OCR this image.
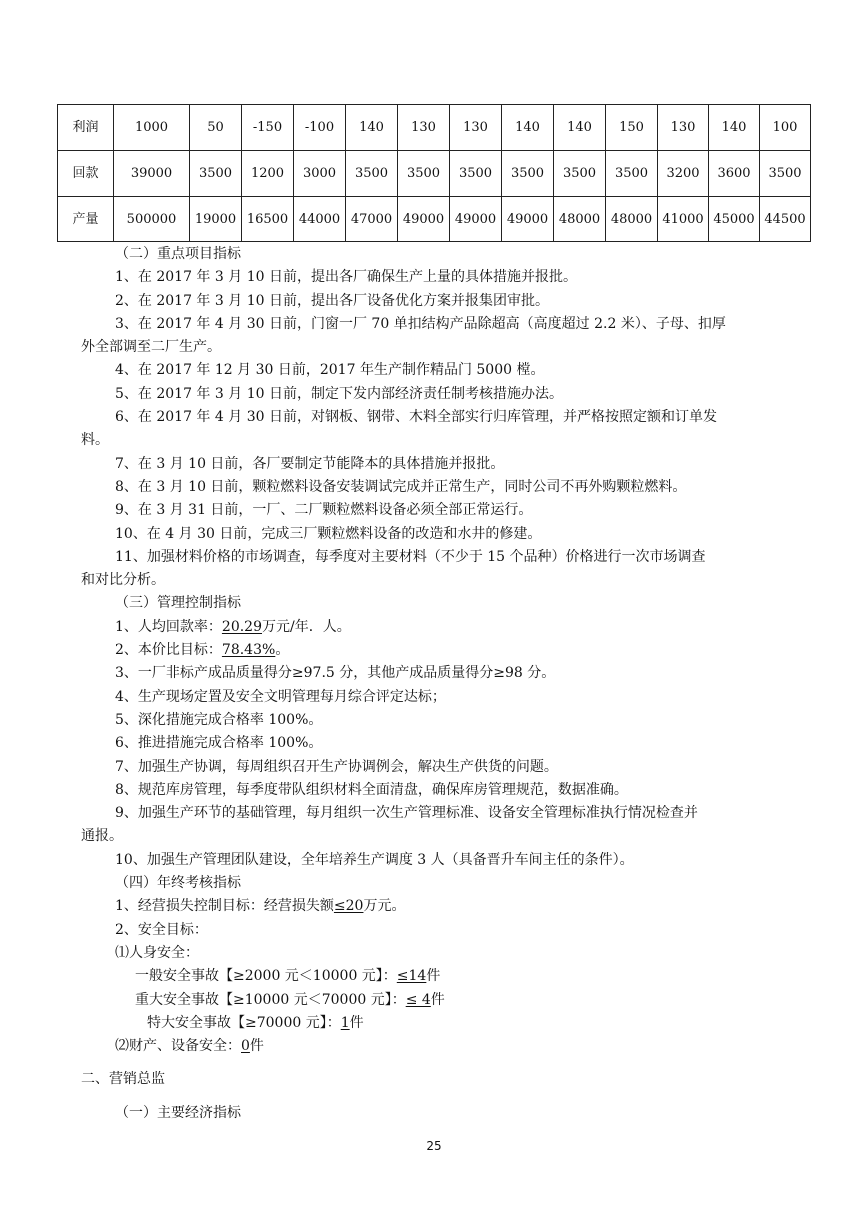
利润	1000	50	-150	-100	140	130	130	140	140	150	130	140	100
回款	39000	3500	1200	3000	3500	3500	3500	3500	3500	3500	3200	3600	3500
产量	500000	19000	16500	44000	47000	49000	49000	49000	48000	48000	41000	45000	44500
（二）重点项目指标
1、在 2017 年 3 月 10 日前，提出各厂确保生产上量的具体措施并报批。
2、在 2017 年 3 月 10 日前，提出各厂设备优化方案并报集团审批。
3、在 2017 年 4 月 30 日前，门窗一厂 70 单扣结构产品除超高（高度超过 2.2 米）、子母、扣厚
外全部调至二厂生产。
4、在 2017 年 12 月 30 日前，2017 年生产制作精品门 5000 樘。
5、在 2017 年 3 月 10 日前，制定下发内部经济责任制考核措施办法。
6、在 2017 年 4 月 30 日前，对钢板、钢带、木料全部实行归库管理，并严格按照定额和订单发
料。
7、在 3 月 10 日前，各厂要制定节能降本的具体措施并报批。
8、在 3 月 10 日前，颗粒燃料设备安装调试完成并正常生产，同时公司不再外购颗粒燃料。
9、在 3 月 31 日前，一厂、二厂颗粒燃料设备必须全部正常运行。
10、在 4 月 30 日前，完成三厂颗粒燃料设备的改造和水井的修建。
11、加强材料价格的市场调查，每季度对主要材料（不少于 15 个品种）价格进行一次市场调查
和对比分析。
（三）管理控制指标
1、人均回款率：20.29万元/年．人。
2、本价比目标：78.43%。
3、一厂非标产成品质量得分≥97.5 分，其他产成品质量得分≥98 分。
4、生产现场定置及安全文明管理每月综合评定达标；
5、深化措施完成合格率 100%。
6、推进措施完成合格率 100%。
7、加强生产协调，每周组织召开生产协调例会，解决生产供货的问题。
8、规范库房管理，每季度带队组织材料全面清盘，确保库房管理规范，数据准确。
9、加强生产环节的基础管理，每月组织一次生产管理标准、设备安全管理标准执行情况检查并
通报。
10、加强生产管理团队建设，全年培养生产调度 3 人（具备晋升车间主任的条件）。
（四）年终考核指标
1、经营损失控制目标：经营损失额≤20万元。
2、安全目标：
⑴人身安全：
一般安全事故【≥2000 元＜10000 元】：≤14件
重大安全事故【≥10000 元＜70000 元】：≤ 4件
特大安全事故【≥70000 元】：1件
⑵财产、设备安全：0件
二、营销总监
（一）主要经济指标
25
